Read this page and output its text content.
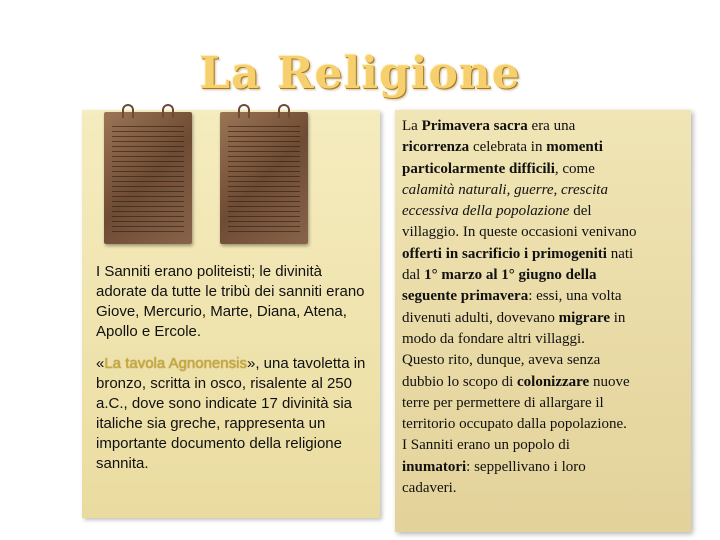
La Religione

I Sanniti erano politeisti; le divinità adorate da tutte le tribù dei sanniti erano Giove, Mercurio, Marte, Diana, Atena, Apollo e Ercole.

«La tavola Agnonensis», una tavoletta in bronzo, scritta in osco, risalente al 250 a.C., dove sono indicate 17 divinità sia italiche sia greche, rappresenta un importante documento della religione sannita.

La Primavera sacra era una
ricorrenza celebrata in momenti
particolarmente difficili, come
calamità naturali, guerre, crescita
eccessiva della popolazione del
villaggio. In queste occasioni venivano
offerti in sacrificio i primogeniti nati
dal 1° marzo al 1° giugno della
seguente primavera: essi, una volta
divenuti adulti, dovevano migrare in
modo da fondare altri villaggi.
Questo rito, dunque, aveva senza
dubbio lo scopo di colonizzare nuove
terre per permettere di allargare il
territorio occupato dalla popolazione.
I Sanniti erano un popolo di
inumatori: seppellivano i loro
cadaveri.
